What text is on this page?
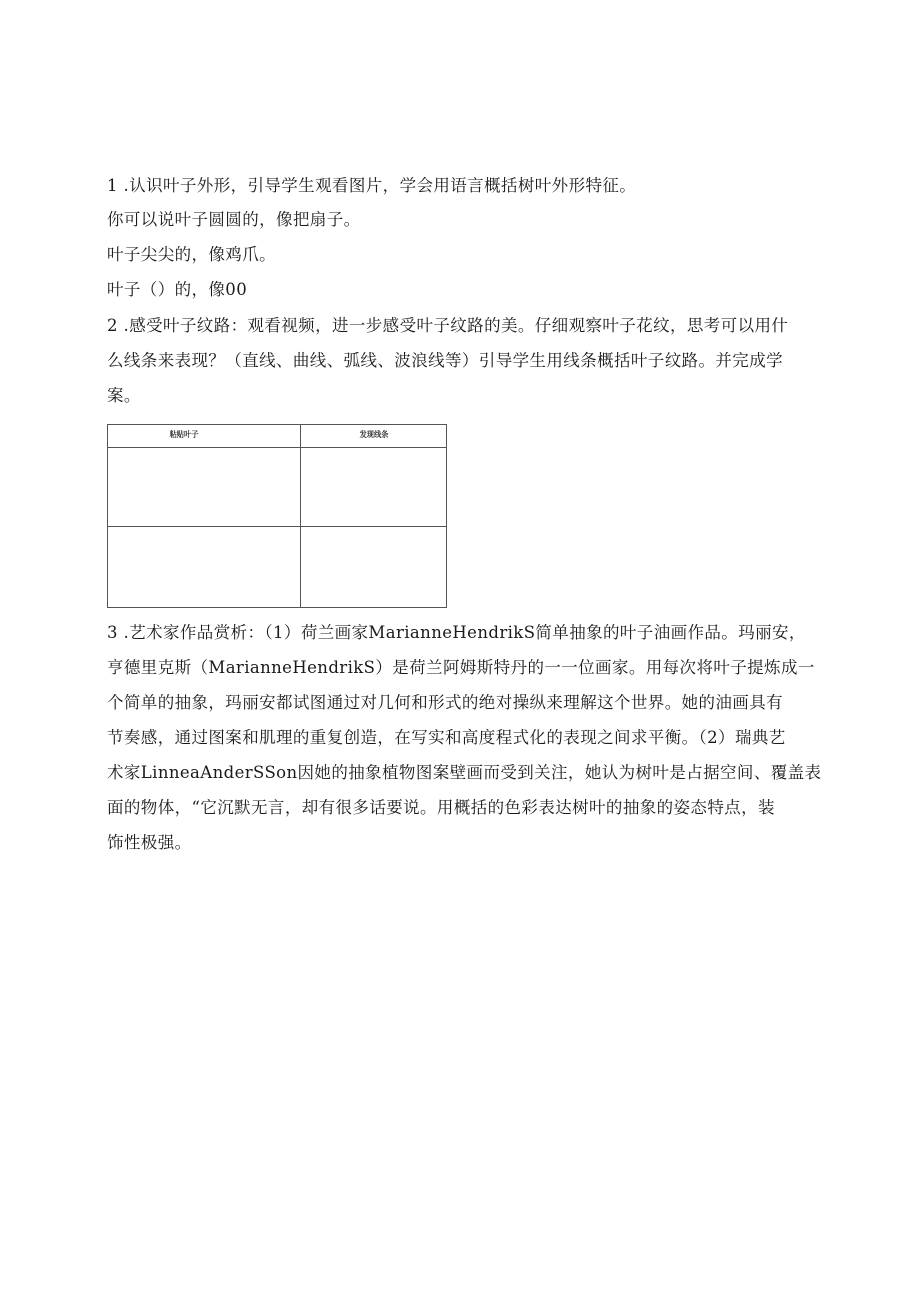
1 .认识叶子外形，引导学生观看图片，学会用语言概括树叶外形特征。
你可以说叶子圆圆的，像把扇子。
叶子尖尖的，像鸡爪。
叶子（）的，像00
2 .感受叶子纹路：观看视频，进一步感受叶子纹路的美。仔细观察叶子花纹，思考可以用什
么线条来表现？（直线、曲线、弧线、波浪线等）引导学生用线条概括叶子纹路。并完成学
案。
粘贴叶子	发现线条
3 .艺术家作品赏析：（1）荷兰画家MarianneHendrikS简单抽象的叶子油画作品。玛丽安，
亨德里克斯（MarianneHendrikS）是荷兰阿姆斯特丹的一一位画家。用每次将叶子提炼成一
个简单的抽象，玛丽安都试图通过对几何和形式的绝对操纵来理解这个世界。她的油画具有
节奏感，通过图案和肌理的重复创造，在写实和高度程式化的表现之间求平衡。（2）瑞典艺
术家LinneaAnderSSon因她的抽象植物图案壁画而受到关注，她认为树叶是占据空间、覆盖表
面的物体，“它沉默无言，却有很多话要说。用概括的色彩表达树叶的抽象的姿态特点，装
饰性极强。
